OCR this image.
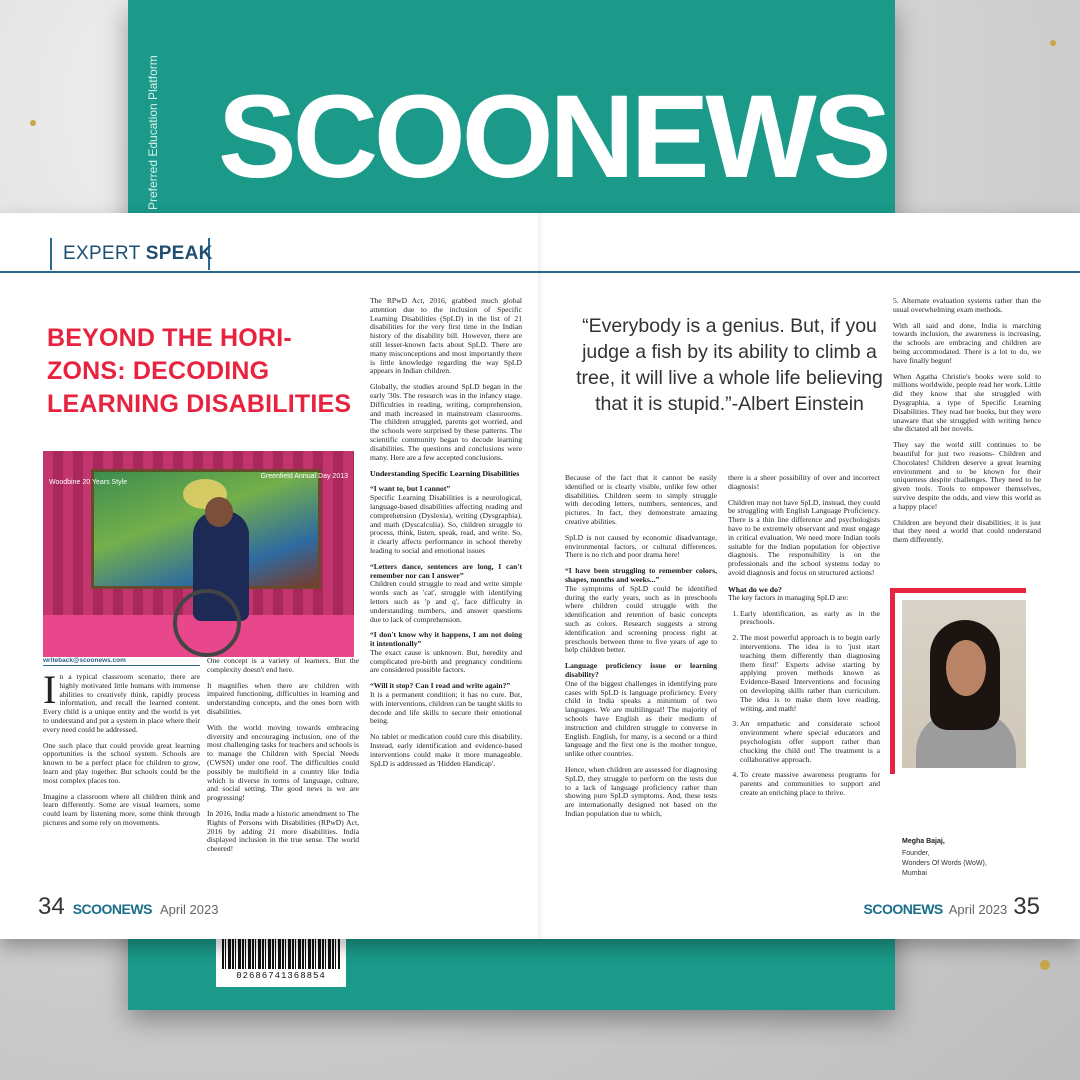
SCOONEWS
Preferred Education Platform
02686741368854
EXPERT SPEAK
BEYOND THE HORI-
ZONS: DECODING
LEARNING DISABILITIES
Woodbine 20 Years Style
Greenfield Annual Day 2013
writeback@scoonews.com

In a typical classroom scenario, there are highly motivated little humans with immense abilities to creatively think, rapidly process information, and recall the learned content. Every child is a unique entity and the world is yet to understand and put a system in place where their every need could be addressed.

One such place that could provide great learning opportunities is the school system. Schools are known to be a perfect place for children to grow, learn and play together. But schools could be the most complex places too.

Imagine a classroom where all children think and learn differently. Some are visual learners, some could learn by listening more, some think through pictures and some rely on movements.

One concept is a variety of learners. But the complexity doesn't end here.

It magnifies when there are children with impaired functioning, difficulties in learning and understanding concepts, and the ones born with disabilities.

With the world moving towards embracing diversity and encouraging inclusion, one of the most challenging tasks for teachers and schools is to manage the Children with Special Needs (CWSN) under one roof. The difficulties could possibly be multifield in a country like India which is diverse in terms of language, culture, and social setting. The good news is we are progressing!

In 2016, India made a historic amendment to The Rights of Persons with Disabilities (RPwD) Act, 2016 by adding 21 more disabilities. India displayed inclusion in the true sense. The world cheered!

The RPwD Act, 2016, grabbed much global attention due to the inclusion of Specific Learning Disabilities (SpLD) in the list of 21 disabilities for the very first time in the Indian history of the disability bill. However, there are still lesser-known facts about SpLD. There are many misconceptions and most importantly there is little knowledge regarding the way SpLD appears in Indian children.

Globally, the studies around SpLD began in the early '30s. The research was in the infancy stage. Difficulties in reading, writing, comprehension, and math increased in mainstream classrooms. The children struggled, parents got worried, and the schools were surprised by these patterns. The scientific community began to decode learning disabilities. The questions and conclusions were many. Here are a few accepted conclusions.

Understanding Specific Learning Disabilities

“I want to, but I cannot”
Specific Learning Disabilities is a neurological, language-based disabilities affecting reading and comprehension (Dyslexia), writing (Dysgraphia), and math (Dyscalculia). So, children struggle to process, think, listen, speak, read, and write. So, it clearly affects performance in school thereby leading to social and emotional issues

“Letters dance, sentences are long, I can't remember nor can I answer”
Children could struggle to read and write simple words such as 'cat', struggle with identifying letters such as 'p and q', face difficulty in understanding numbers, and answer questions due to lack of comprehension.

“I don't know why it happens, I am not doing it intentionally”
The exact cause is unknown. But, heredity and complicated pre-birth and pregnancy conditions are considered possible factors.

“Will it stop? Can I read and write again?”
It is a permanent condition; it has no cure. But, with interventions, children can be taught skills to decode and life skills to secure their emotional being.

No tablet or medication could cure this disability. Instead, early identification and evidence-based interventions could make it more manageable. SpLD is addressed as 'Hidden Handicap'.

“Everybody is a genius. But, if you judge a fish by its ability to climb a tree, it will live a whole life believing that it is stupid.”-Albert Einstein

Because of the fact that it cannot be easily identified or is clearly visible, unlike few other disabilities. Children seem to simply struggle with decoding letters, numbers, sentences, and pictures. In fact, they demonstrate amazing creative abilities.

SpLD is not caused by economic disadvantage, environmental factors, or cultural differences. There is no rich and poor drama here!

“I have been struggling to remember colors, shapes, months and weeks...”
The symptoms of SpLD could be identified during the early years, such as in preschools where children could struggle with the identification and retention of basic concepts such as colors. Research suggests a strong identification and screening process right at preschools between three to five years of age to help children better.

Language proficiency issue or learning disability?
One of the biggest challenges in identifying pure cases with SpLD is language proficiency. Every child in India speaks a minimum of two languages. We are multilingual! The majority of schools have English as their medium of instruction and children struggle to converse in English. English, for many, is a second or a third language and the first one is the mother tongue, unlike other countries.

Hence, when children are assessed for diagnosing SpLD, they struggle to perform on the tests due to a lack of language proficiency rather than showing pure SpLD symptoms. And, these tests are internationally designed not based on the Indian population due to which,

there is a sheer possibility of over and incorrect diagnosis!

Children may not have SpLD, instead, they could be struggling with English Language Proficiency. There is a thin line difference and psychologists have to be extremely observant and must engage in critical evaluation. We need more Indian tools suitable for the Indian population for objective diagnosis. The responsibility is on the professionals and the school systems today to avoid diagnosis and focus on structured actions!

What do we do?

The key factors in managing SpLD are:

1. Early identification, as early as in the preschools.
2. The most powerful approach is to begin early interventions. The idea is to 'just start teaching them differently than diagnosing them first!' Experts advise starting by applying proven methods known as Evidence-Based Interventions and focusing on developing skills rather than curriculum. The idea is to make them love reading, writing, and math!
3. An empathetic and considerate school environment where special educators and psychologists offer support rather than chucking the child out! The treatment is a collaborative approach.
4. To create massive awareness programs for parents and communities to support and create an enriching place to thrive.

5. Alternate evaluation systems rather than the usual overwhelming exam methods.

With all said and done, India is marching towards inclusion, the awareness is increasing, the schools are embracing and children are being accommodated. There is a lot to do, we have finally begun!

When Agatha Christie's books were sold to millions worldwide, people read her work. Little did they know that she struggled with Dysgraphia, a type of Specific Learning Disabilities. They read her books, but they were unaware that she struggled with writing hence she dictated all her novels.

They say the world still continues to be beautiful for just two reasons- Children and Chocolates! Children deserve a great learning environment and to be known for their uniqueness despite challenges. They need to be given tools. Tools to empower themselves, survive despite the odds, and view this world as a happy place!

Children are beyond their disabilities; it is just that they need a world that could understand them differently.

Megha Bajaj,
Founder,
Wonders Of Words (WoW),
Mumbai
34 SCOONEWS April 2023	SCOONEWS April 2023 35
